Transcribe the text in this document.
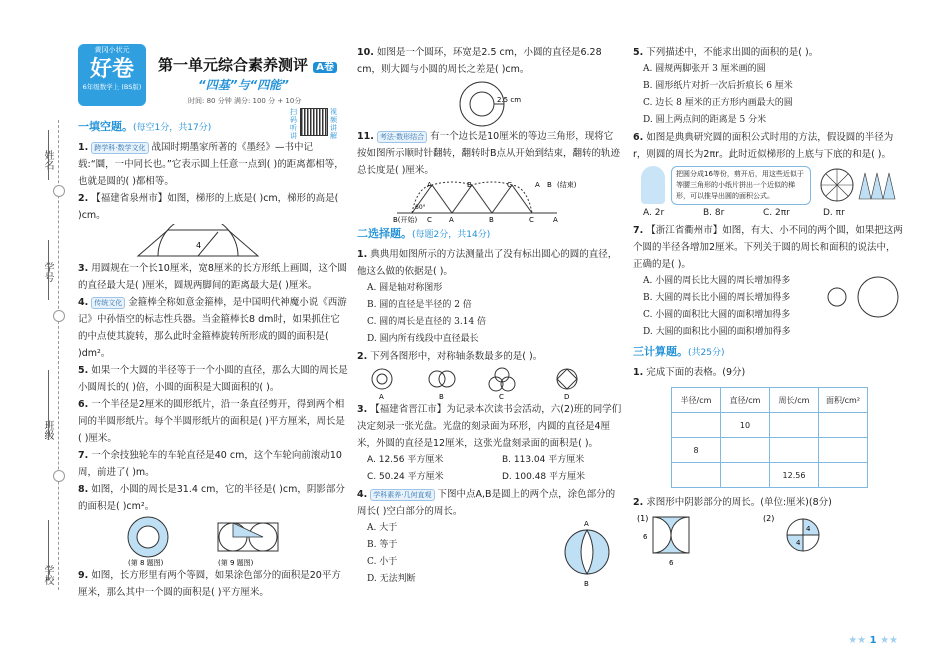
姓名
学号
班级
学校
黄冈小状元
好卷
6年级数学上 (BS版)
第一单元综合素养测评 A卷
“四基”与“四能”
时间: 80 分钟 满分: 100 分 + 10分
扫码听讲
视频讲解
一填空题。(每空1分，共17分)

1. 跨学科·数学文化 战国时期墨家所著的《墨经》—书中记载:“圜，一中同长也。”它表示圆上任意一点到( )的距离都相等，也就是圆的( )都相等。

2. 【福建省泉州市】如图，梯形的上底是( )cm，梯形的高是( )cm。

4

3. 用圆规在一个长10厘米，宽8厘米的长方形纸上画圆，这个圆的直径最大是( )厘米，圆规两脚间的距离最大是( )厘米。

4. 传统文化 金箍棒全称如意金箍棒，是中国明代神魔小说《西游记》中孙悟空的标志性兵器。当金箍棒长8 dm时，如果抓住它的中点使其旋转，那么此时金箍棒旋转所形成的圆的面积是( )dm²。

5. 如果一个大圆的半径等于一个小圆的直径，那么大圆的周长是小圆周长的( )倍，小圆的面积是大圆面积的( )。

6. 一个半径是2厘米的圆形纸片，沿一条直径剪开，得到两个相同的半圆形纸片。每个半圆形纸片的面积是( )平方厘米，周长是( )厘米。

7. 一个余技独轮车的车轮直径是40 cm，这个车轮向前滚动10周，前进了( )m。

8. 如图，小圆的周长是31.4 cm，它的半径是( )cm，阴影部分的面积是( )cm²。

(第 8 题图)	(第 9 题图)

9. 如图，长方形里有两个等圆，如果涂色部分的面积是20平方厘米，那么其中一个圆的面积是( )平方厘米。

10. 如图是一个圆环，环宽是2.5 cm，小圆的直径是6.28 cm，则大圆与小圆的周长之差是( )cm。

2.5 cm

11. 考法·数形结合 有一个边长是10厘米的等边三角形，现将它按如图所示顺时针翻转，翻转时B点从开始到结束，翻转的轨迹总长度是( )厘米。

A	B	C	A B (结束)
B(开始) C A	B	C	A
60°
二选择题。(每题2分，共14分)

1. 典典用如图所示的方法测量出了没有标出圆心的圆的直径，他这么做的依据是( )。

A. 圆是轴对称图形
B. 圆的直径是半径的 2 倍
C. 圆的周长是直径的 3.14 倍
D. 圆内所有线段中直径最长

2. 下列各图形中，对称轴条数最多的是( )。

A	B	C	D

3. 【福建省晋江市】为记录本次读书会活动，六(2)班的同学们决定刻录一张光盘。光盘的刻录面为环形，内圆的直径是4厘米，外圆的直径是12厘米，这张光盘刻录面的面积是( )。

A. 12.56 平方厘米	B. 113.04 平方厘米
C. 50.24 平方厘米	D. 100.48 平方厘米

4. 学科素养·几何直观 下图中点A,B是圆上的两个点，涂色部分的周长( )空白部分的周长。

A. 大于
B. 等于
C. 小于
D. 无法判断
A
B

5. 下列描述中，不能求出圆的面积的是( )。

A. 圆规两脚张开 3 厘米画的圆
B. 圆形纸片对折一次后折痕长 6 厘米
C. 边长 8 厘米的正方形内画最大的圆
D. 圆上两点间的距离是 5 分米

6. 如图是典典研究圆的面积公式时用的方法，假设圆的半径为r，则圆的周长为2πr。此时近似梯形的上底与下底的和是( )。

把圆分成16等份，剪开后，用这些近似于等腰三角形的小纸片拼出一个近似的梯形，可以推导出圆的面积公式。
A. 2r	B. 8r	C. 2πr	D. πr

7. 【浙江省衢州市】如图，有大、小不同的两个圆，如果把这两个圆的半径各增加2厘米。下列关于圆的周长和面积的说法中，正确的是( )。

A. 小圆的周长比大圆的周长增加得多
B. 大圆的周长比小圆的周长增加得多
C. 小圆的面积比大圆的面积增加得多
D. 大圆的面积比小圆的面积增加得多
三计算题。(共25分)

1. 完成下面的表格。(9分)

半径/cm	直径/cm	周长/cm	面积/cm²
	10		
8			
		12.56	

2. 求图形中阴影部分的周长。(单位:厘米)(8分)

(1)
6
6
(2)
4
4
★★ 1 ★★
